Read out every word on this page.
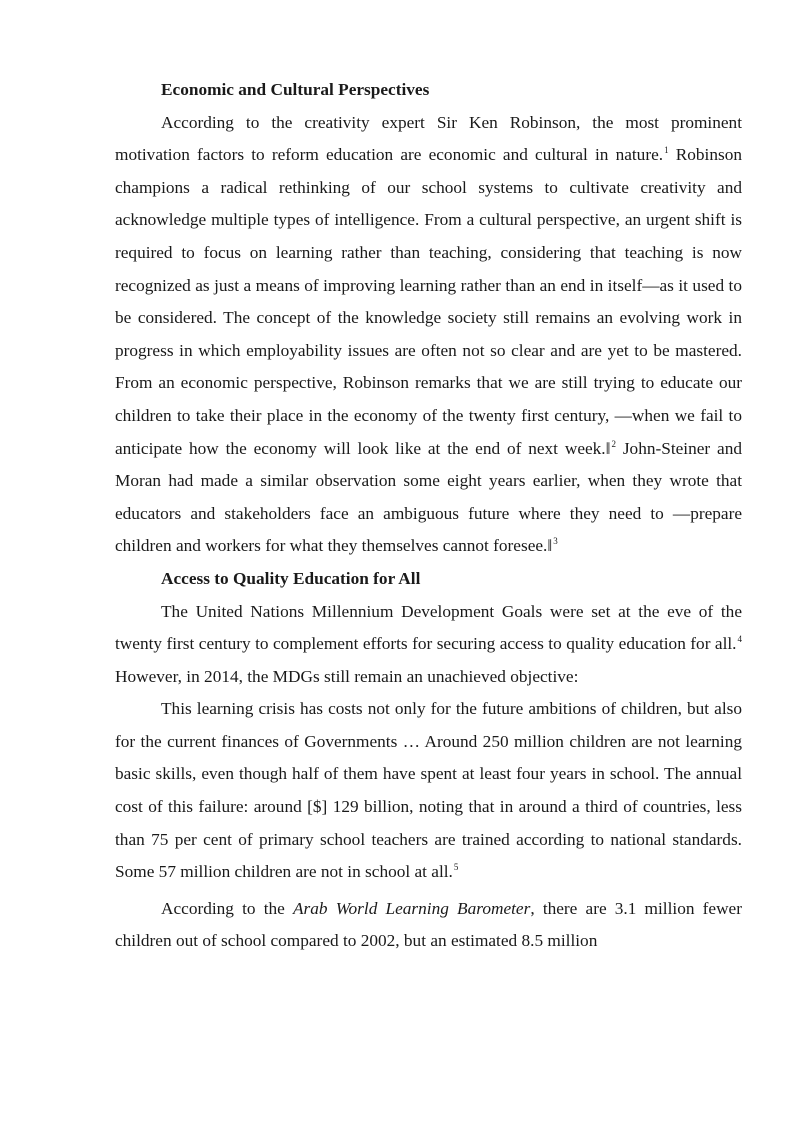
Economic and Cultural Perspectives

According to the creativity expert Sir Ken Robinson, the most prominent motivation factors to reform education are economic and cultural in nature.$^1$ Robinson champions a radical rethinking of our school systems to cultivate creativity and acknowledge multiple types of intelligence. From a cultural perspective, an urgent shift is required to focus on learning rather than teaching, considering that teaching is now recognized as just a means of improving learning rather than an end in itself—as it used to be considered. The concept of the knowledge society still remains an evolving work in progress in which employability issues are often not so clear and are yet to be mastered. From an economic perspective, Robinson remarks that we are still trying to educate our children to take their place in the economy of the twenty first century, —when we fail to anticipate how the economy will look like at the end of next week.‖$^2$ John-Steiner and Moran had made a similar observation some eight years earlier, when they wrote that educators and stakeholders face an ambiguous future where they need to —prepare children and workers for what they themselves cannot foresee.‖$^3$

Access to Quality Education for All

The United Nations Millennium Development Goals were set at the eve of the twenty first century to complement efforts for securing access to quality education for all.$^4$ However, in 2014, the MDGs still remain an unachieved objective:

This learning crisis has costs not only for the future ambitions of children, but also for the current finances of Governments … Around 250 million children are not learning basic skills, even though half of them have spent at least four years in school. The annual cost of this failure: around [$] 129 billion, noting that in around a third of countries, less than 75 per cent of primary school teachers are trained according to national standards. Some 57 million children are not in school at all.$^5$

According to the Arab World Learning Barometer, there are 3.1 million fewer children out of school compared to 2002, but an estimated 8.5 million
